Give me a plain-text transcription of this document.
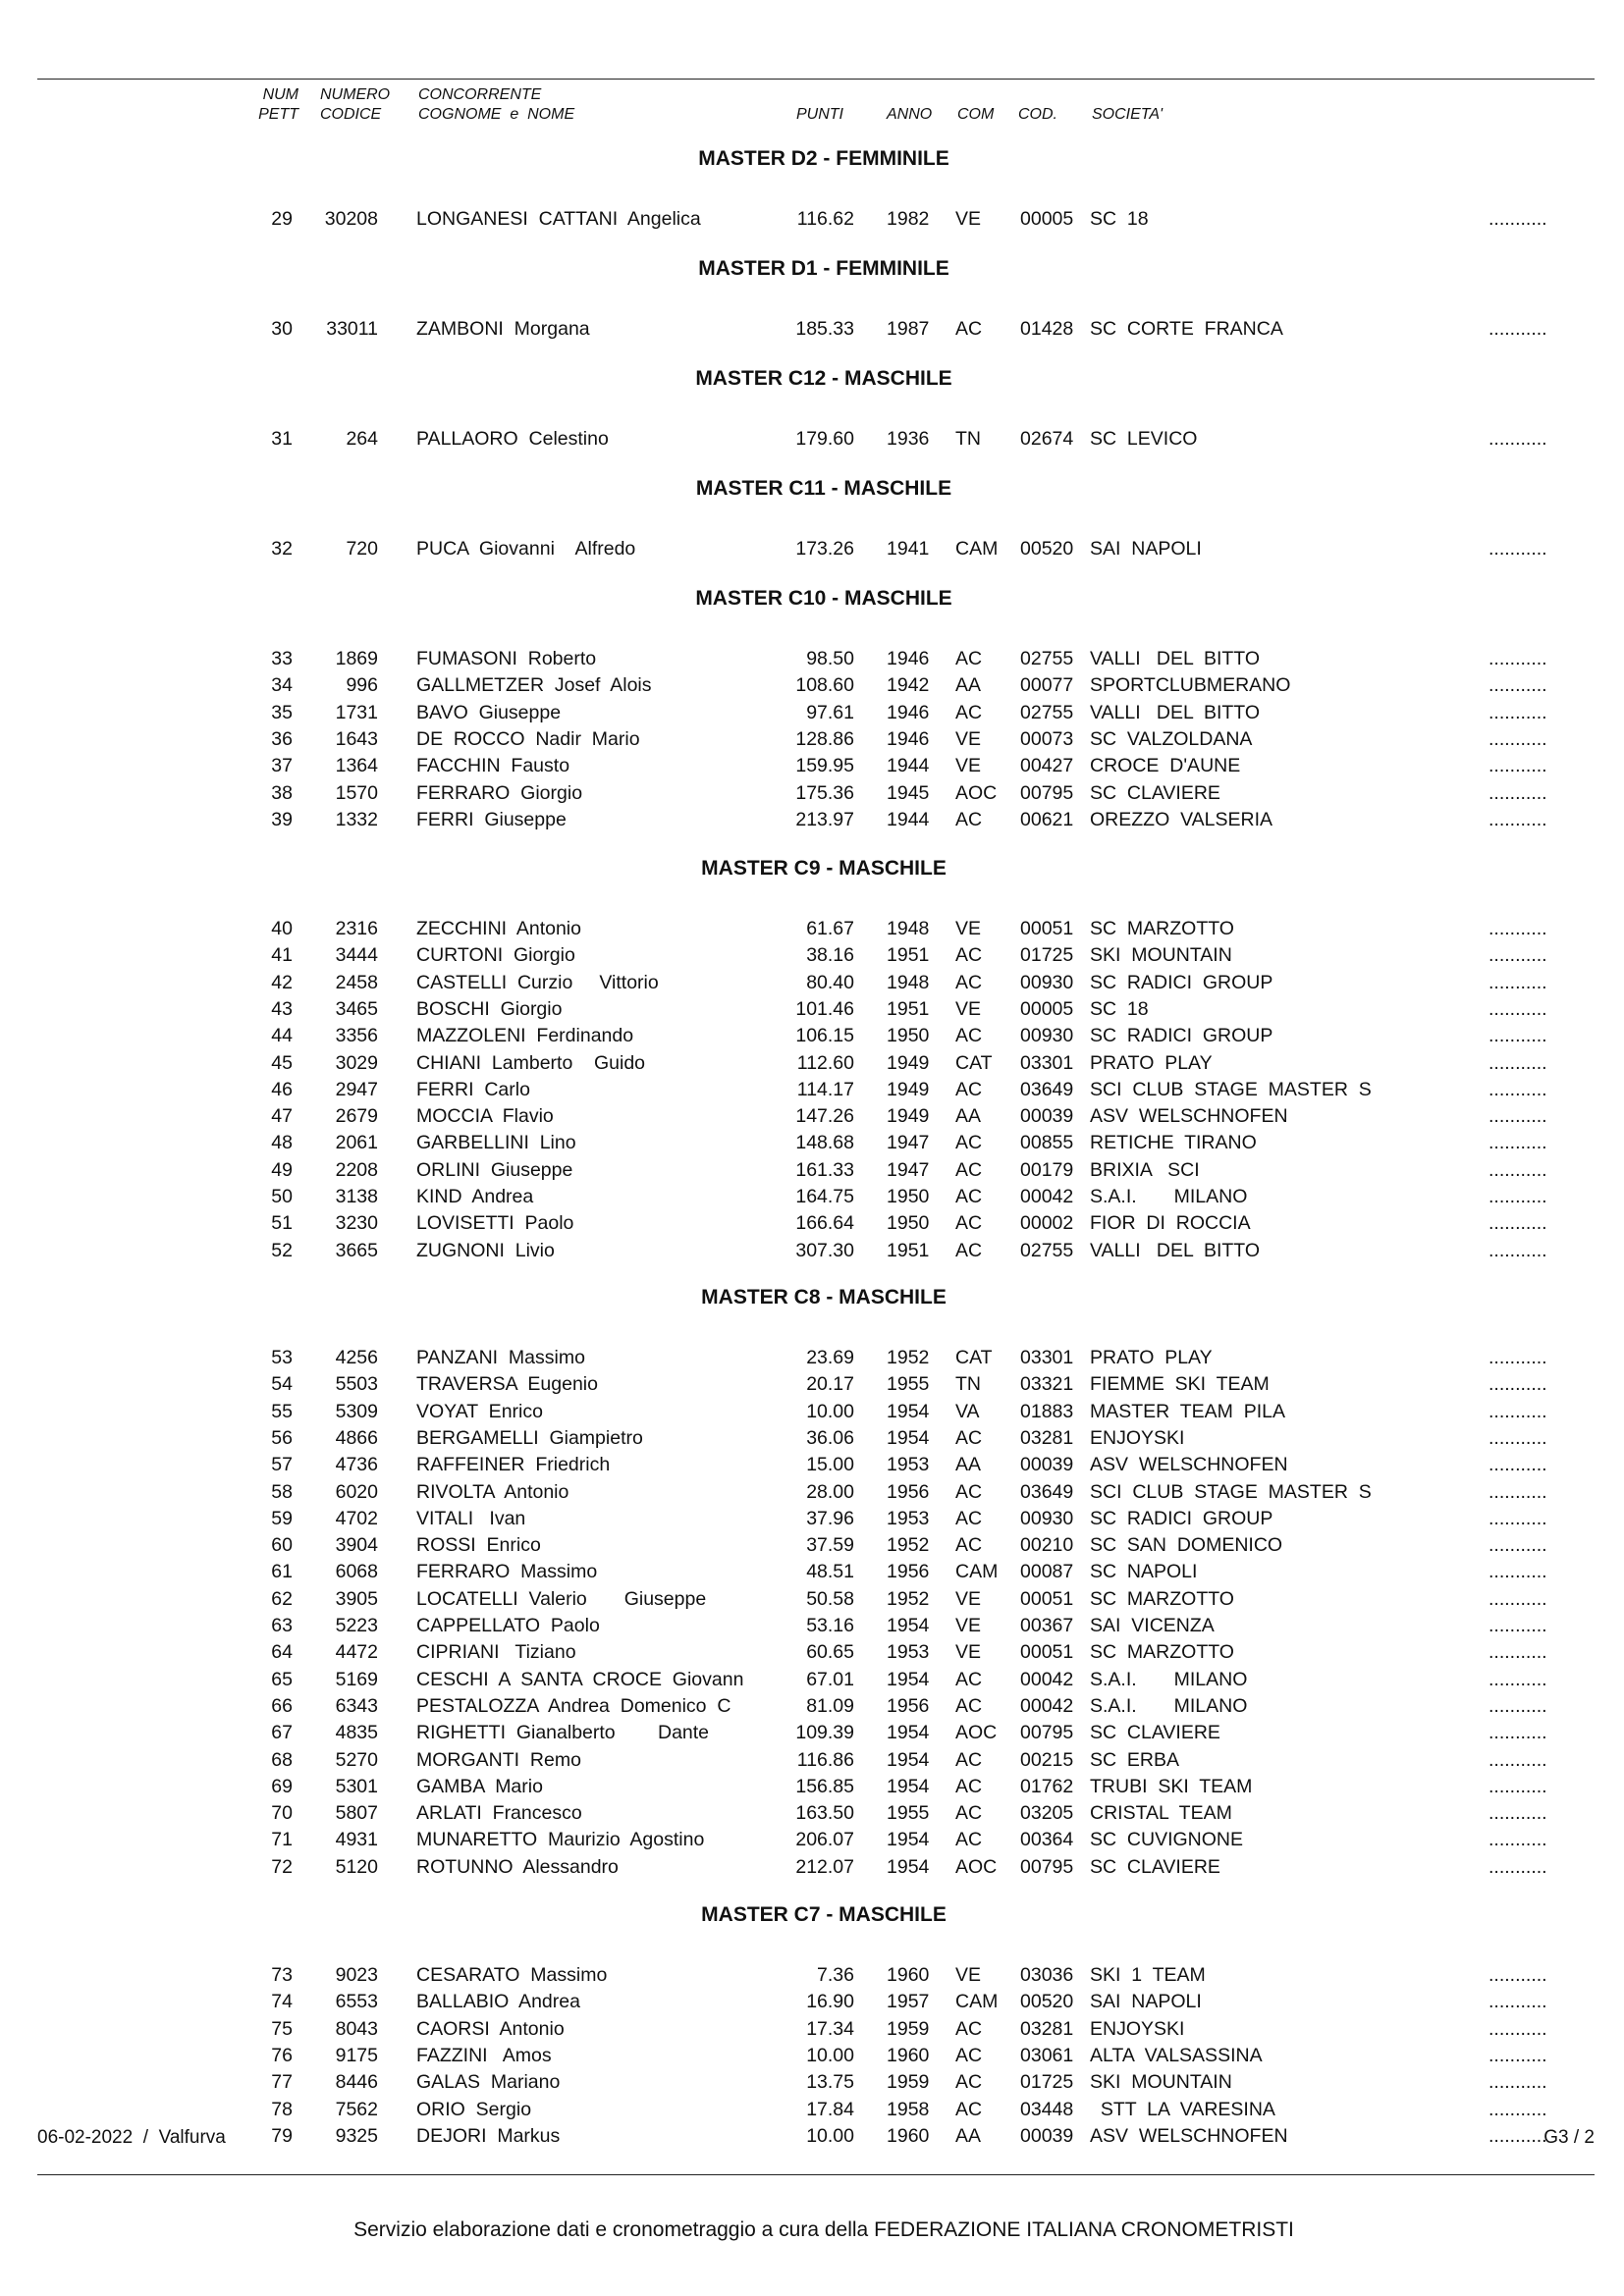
NUM
PETT
NUMERO
CODICE
CONCORRENTE
COGNOME  e  NOME	PUNTI	ANNO COM COD. SOCIETA'
MASTER D2 - FEMMINILE
29	30208 LONGANESI  CATTANI  Angelica	116.62 1982 VE 00005 SC  18	...........
MASTER D1 - FEMMINILE
30	33011 ZAMBONI  Morgana	185.33 1987 AC 01428 SC  CORTE  FRANCA	...........
MASTER C12 - MASCHILE
31	264 PALLAORO  Celestino	179.60 1936 TN 02674 SC  LEVICO	...........
MASTER C11 - MASCHILE
32	720 PUCA  Giovanni    Alfredo	173.26 1941 CAM 00520 SAI  NAPOLI	...........
MASTER C10 - MASCHILE
33	1869 FUMASONI  Roberto	98.50 1946 AC 02755 VALLI   DEL  BITTO	...........
34	996 GALLMETZER  Josef  Alois	108.60 1942 AA 00077 SPORTCLUBMERANO	...........
35	1731 BAVO  Giuseppe	97.61 1946 AC 02755 VALLI   DEL  BITTO	...........
36	1643 DE  ROCCO  Nadir  Mario	128.86 1946 VE 00073 SC  VALZOLDANA	...........
37	1364 FACCHIN  Fausto	159.95 1944 VE 00427 CROCE  D'AUNE	...........
38	1570 FERRARO  Giorgio	175.36 1945 AOC 00795 SC  CLAVIERE	...........
39	1332 FERRI  Giuseppe	213.97 1944 AC 00621 OREZZO  VALSERIA	...........
MASTER C9 - MASCHILE
40	2316 ZECCHINI  Antonio	61.67 1948 VE 00051 SC  MARZOTTO	...........
41	3444 CURTONI  Giorgio	38.16 1951 AC 01725 SKI  MOUNTAIN	...........
42	2458 CASTELLI  Curzio     Vittorio	80.40 1948 AC 00930 SC  RADICI  GROUP	...........
43	3465 BOSCHI  Giorgio	101.46 1951 VE 00005 SC  18	...........
44	3356 MAZZOLENI  Ferdinando	106.15 1950 AC 00930 SC  RADICI  GROUP	...........
45	3029 CHIANI  Lamberto    Guido	112.60 1949 CAT 03301 PRATO  PLAY	...........
46	2947 FERRI  Carlo	114.17 1949 AC 03649 SCI  CLUB  STAGE  MASTER  S	...........
47	2679 MOCCIA  Flavio	147.26 1949 AA 00039 ASV  WELSCHNOFEN	...........
48	2061 GARBELLINI  Lino	148.68 1947 AC 00855 RETICHE  TIRANO	...........
49	2208 ORLINI  Giuseppe	161.33 1947 AC 00179 BRIXIA   SCI	...........
50	3138 KIND  Andrea	164.75 1950 AC 00042 S.A.I.       MILANO	...........
51	3230 LOVISETTI  Paolo	166.64 1950 AC 00002 FIOR  DI  ROCCIA	...........
52	3665 ZUGNONI  Livio	307.30 1951 AC 02755 VALLI   DEL  BITTO	...........
MASTER C8 - MASCHILE
53	4256 PANZANI  Massimo	23.69 1952 CAT 03301 PRATO  PLAY	...........
54	5503 TRAVERSA  Eugenio	20.17 1955 TN 03321 FIEMME  SKI  TEAM	...........
55	5309 VOYAT  Enrico	10.00 1954 VA 01883 MASTER  TEAM  PILA	...........
56	4866 BERGAMELLI  Giampietro	36.06 1954 AC 03281 ENJOYSKI	...........
57	4736 RAFFEINER  Friedrich	15.00 1953 AA 00039 ASV  WELSCHNOFEN	...........
58	6020 RIVOLTA  Antonio	28.00 1956 AC 03649 SCI  CLUB  STAGE  MASTER  S	...........
59	4702 VITALI   Ivan	37.96 1953 AC 00930 SC  RADICI  GROUP	...........
60	3904 ROSSI  Enrico	37.59 1952 AC 00210 SC  SAN  DOMENICO	...........
61	6068 FERRARO  Massimo	48.51 1956 CAM 00087 SC  NAPOLI	...........
62	3905 LOCATELLI  Valerio       Giuseppe	50.58 1952 VE 00051 SC  MARZOTTO	...........
63	5223 CAPPELLATO  Paolo	53.16 1954 VE 00367 SAI  VICENZA	...........
64	4472 CIPRIANI   Tiziano	60.65 1953 VE 00051 SC  MARZOTTO	...........
65	5169 CESCHI  A  SANTA  CROCE  Giovann	67.01 1954 AC 00042 S.A.I.       MILANO	...........
66	6343 PESTALOZZA  Andrea  Domenico  C	81.09 1956 AC 00042 S.A.I.       MILANO	...........
67	4835 RIGHETTI  Gianalberto        Dante	109.39 1954 AOC 00795 SC  CLAVIERE	...........
68	5270 MORGANTI  Remo	116.86 1954 AC 00215 SC  ERBA	...........
69	5301 GAMBA  Mario	156.85 1954 AC 01762 TRUBI  SKI  TEAM	...........
70	5807 ARLATI  Francesco	163.50 1955 AC 03205 CRISTAL  TEAM	...........
71	4931 MUNARETTO  Maurizio  Agostino	206.07 1954 AC 00364 SC  CUVIGNONE	...........
72	5120 ROTUNNO  Alessandro	212.07 1954 AOC 00795 SC  CLAVIERE	...........
MASTER C7 - MASCHILE
73	9023 CESARATO  Massimo	7.36 1960 VE 03036 SKI  1  TEAM	...........
74	6553 BALLABIO  Andrea	16.90 1957 CAM 00520 SAI  NAPOLI	...........
75	8043 CAORSI  Antonio	17.34 1959 AC 03281 ENJOYSKI	...........
76	9175 FAZZINI   Amos	10.00 1960 AC 03061 ALTA  VALSASSINA	...........
77	8446 GALAS  Mariano	13.75 1959 AC 01725 SKI  MOUNTAIN	...........
78	7562 ORIO  Sergio	17.84 1958 AC 03448 STT  LA  VARESINA	...........
79	9325 DEJORI  Markus	10.00 1960 AA 00039 ASV  WELSCHNOFEN	...........
06-02-2022  /  Valfurva	G3 / 2
Servizio elaborazione dati e cronometraggio a cura della FEDERAZIONE ITALIANA CRONOMETRISTI
